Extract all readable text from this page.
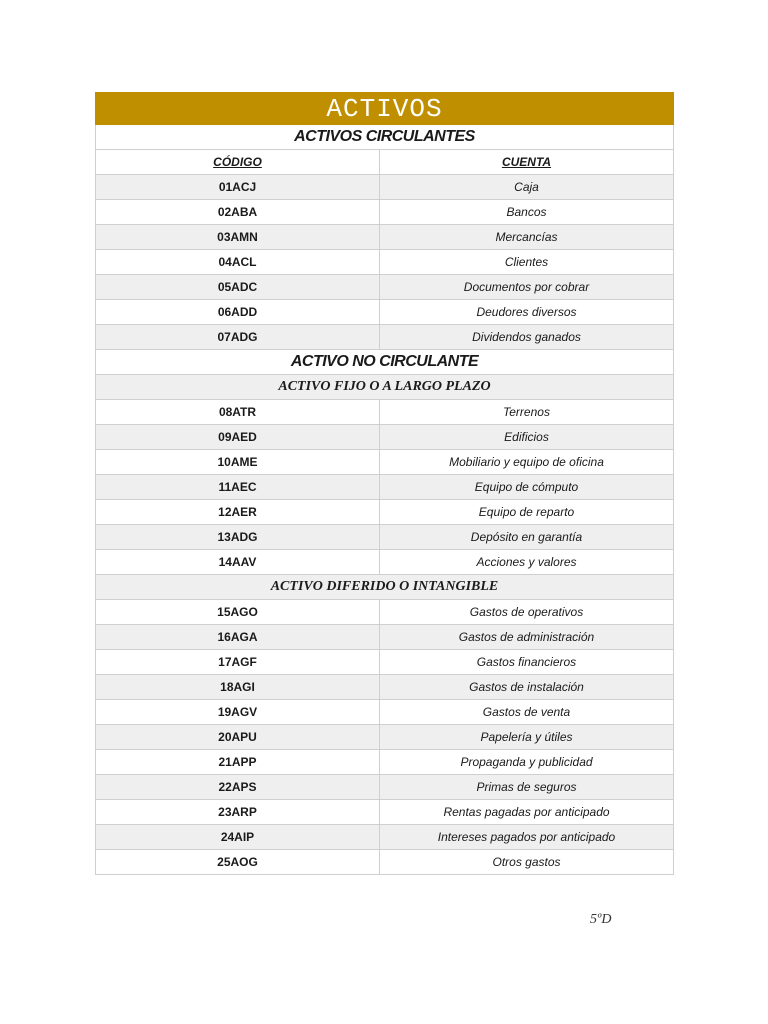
ACTIVOS	
ACTIVOS CIRCULANTES	
CÓDIGO	CUENTA
01ACJ	Caja
02ABA	Bancos
03AMN	Mercancías
04ACL	Clientes
05ADC	Documentos por cobrar
06ADD	Deudores diversos
07ADG	Dividendos ganados
ACTIVO NO CIRCULANTE	
ACTIVO FIJO O A LARGO PLAZO	
08ATR	Terrenos
09AED	Edificios
10AME	Mobiliario y equipo de oficina
11AEC	Equipo de cómputo
12AER	Equipo de reparto
13ADG	Depósito en garantía
14AAV	Acciones y valores
ACTIVO DIFERIDO O INTANGIBLE	
15AGO	Gastos de operativos
16AGA	Gastos de administración
17AGF	Gastos financieros
18AGI	Gastos de instalación
19AGV	Gastos de venta
20APU	Papelería y útiles
21APP	Propaganda y publicidad
22APS	Primas de seguros
23ARP	Rentas pagadas por anticipado
24AIP	Intereses pagados por anticipado
25AOG	Otros gastos
5ºD
